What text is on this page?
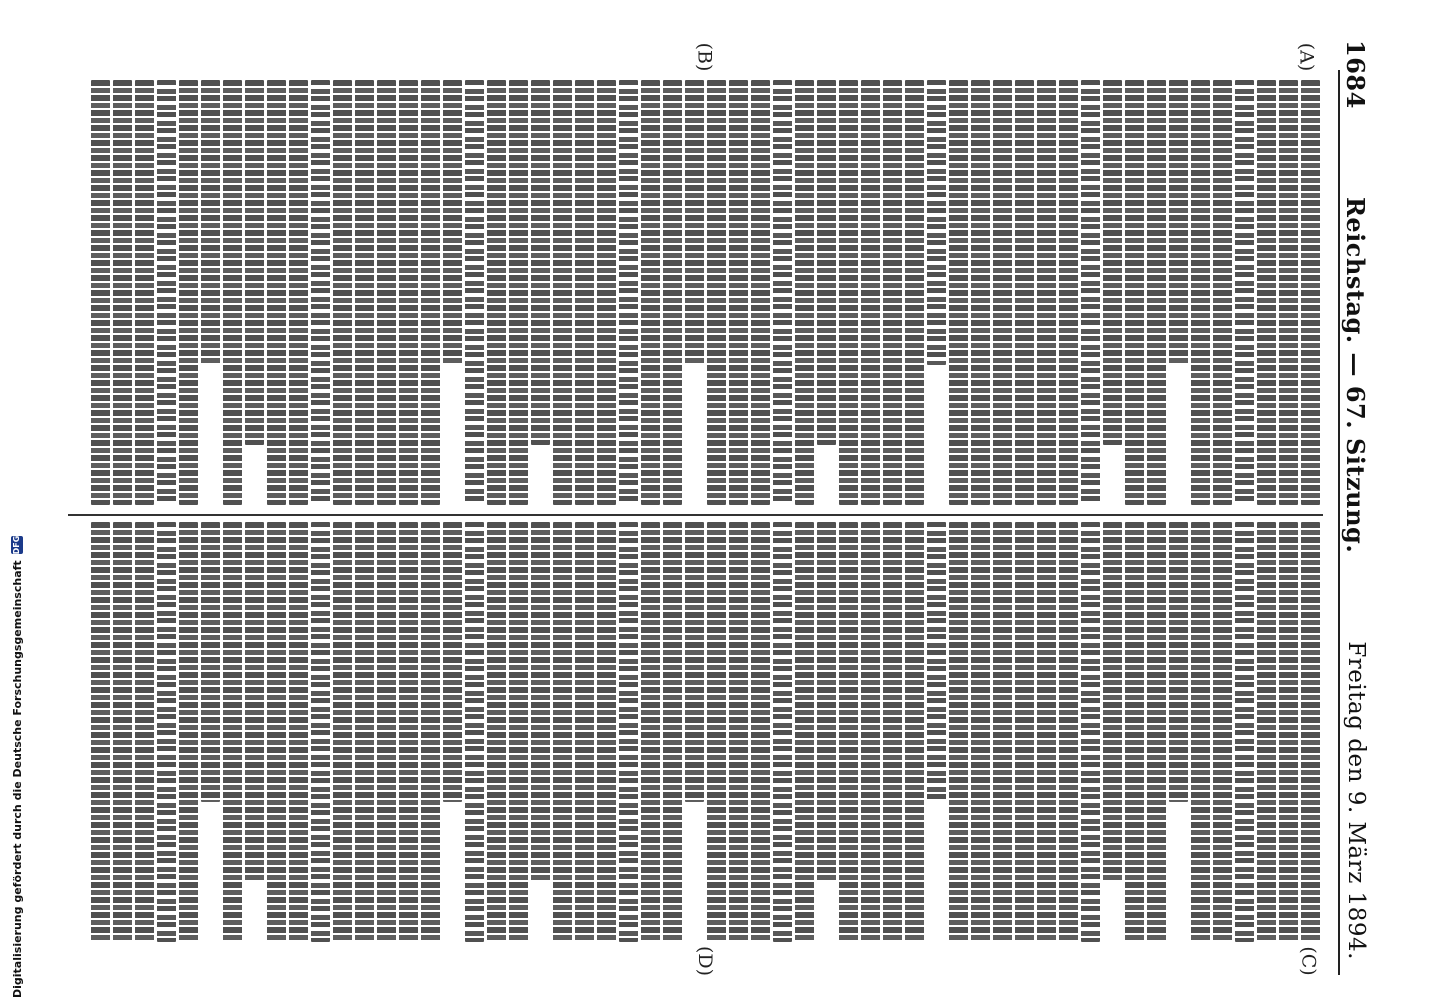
1684
Reichstag. — 67. Sitzung.
Freitag den 9. März 1894.
(A)
(B)
(C)
(D)
Digitalisierung gefördert durch die Deutsche Forschungsgemeinschaft
DFG
